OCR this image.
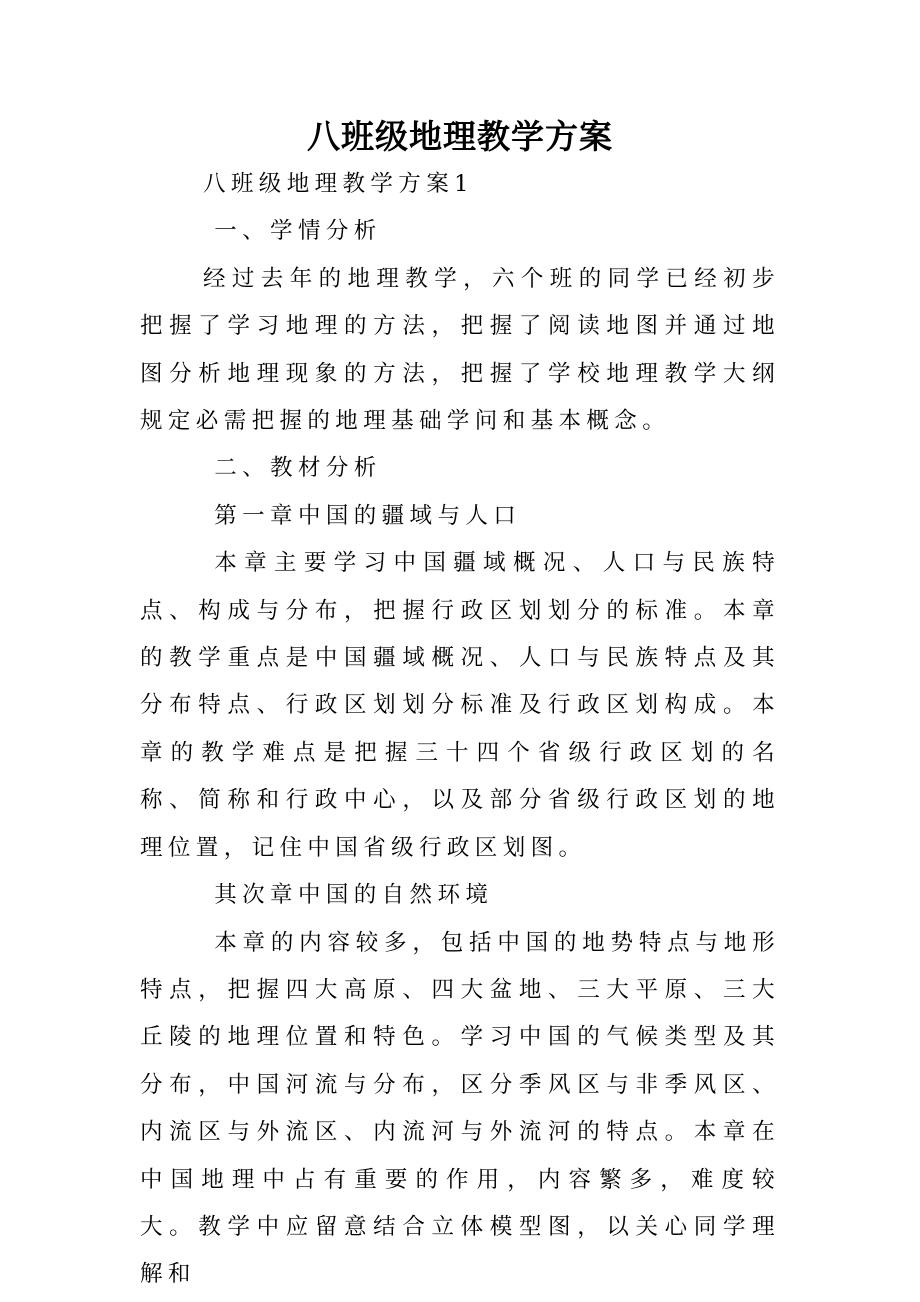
八班级地理教学方案

八班级地理教学方案1

一、学情分析

经过去年的地理教学，六个班的同学已经初步把握了学习地理的方法，把握了阅读地图并通过地图分析地理现象的方法，把握了学校地理教学大纲规定必需把握的地理基础学问和基本概念。

二、教材分析

第一章中国的疆域与人口

本章主要学习中国疆域概况、人口与民族特点、构成与分布，把握行政区划划分的标准。本章的教学重点是中国疆域概况、人口与民族特点及其分布特点、行政区划划分标准及行政区划构成。本章的教学难点是把握三十四个省级行政区划的名称、简称和行政中心，以及部分省级行政区划的地理位置，记住中国省级行政区划图。

其次章中国的自然环境

本章的内容较多，包括中国的地势特点与地形特点，把握四大高原、四大盆地、三大平原、三大丘陵的地理位置和特色。学习中国的气候类型及其分布，中国河流与分布，区分季风区与非季风区、内流区与外流区、内流河与外流河的特点。本章在中国地理中占有重要的作用，内容繁多，难度较大。教学中应留意结合立体模型图，以关心同学理解和
